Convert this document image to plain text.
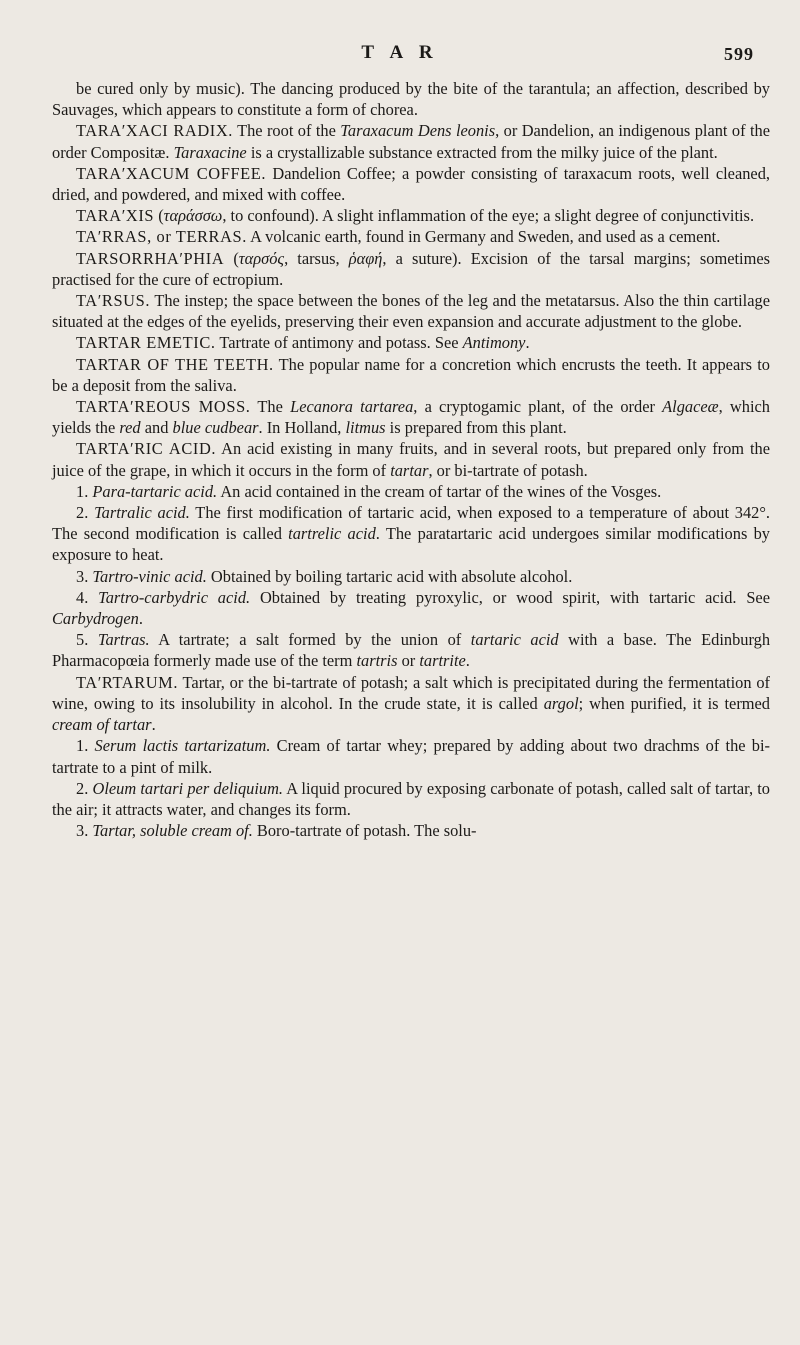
T A R	599

be cured only by music). The dancing produced by the bite of the tarantula; an affection, described by Sauvages, which appears to constitute a form of chorea.

TARA′XACI RADIX. The root of the Taraxacum Dens leonis, or Dandelion, an indigenous plant of the order Compositæ. Taraxacine is a crystallizable substance extracted from the milky juice of the plant.

TARA′XACUM COFFEE. Dandelion Coffee; a powder consisting of taraxacum roots, well cleaned, dried, and powdered, and mixed with coffee.

TARA′XIS (ταράσσω, to confound). A slight inflammation of the eye; a slight degree of conjunctivitis.

TA′RRAS, or TERRAS. A volcanic earth, found in Germany and Sweden, and used as a cement.

TARSORRHA′PHIA (ταρσός, tarsus, ῥαφή, a suture). Excision of the tarsal margins; sometimes practised for the cure of ectropium.

TA′RSUS. The instep; the space between the bones of the leg and the metatarsus. Also the thin cartilage situated at the edges of the eyelids, preserving their even expansion and accurate adjustment to the globe.

TARTAR EMETIC. Tartrate of antimony and potass. See Antimony.

TARTAR OF THE TEETH. The popular name for a concretion which encrusts the teeth. It appears to be a deposit from the saliva.

TARTA′REOUS MOSS. The Lecanora tartarea, a cryptogamic plant, of the order Algaceæ, which yields the red and blue cudbear. In Holland, litmus is prepared from this plant.

TARTA′RIC ACID. An acid existing in many fruits, and in several roots, but prepared only from the juice of the grape, in which it occurs in the form of tartar, or bi-tartrate of potash.

1. Para-tartaric acid. An acid contained in the cream of tartar of the wines of the Vosges.

2. Tartralic acid. The first modification of tartaric acid, when exposed to a temperature of about 342°. The second modification is called tartrelic acid. The paratartaric acid undergoes similar modifications by exposure to heat.

3. Tartro-vinic acid. Obtained by boiling tartaric acid with absolute alcohol.

4. Tartro-carbydric acid. Obtained by treating pyroxylic, or wood spirit, with tartaric acid. See Carbydrogen.

5. Tartras. A tartrate; a salt formed by the union of tartaric acid with a base. The Edinburgh Pharmacopœia formerly made use of the term tartris or tartrite.

TA′RTARUM. Tartar, or the bi-tartrate of potash; a salt which is precipitated during the fermentation of wine, owing to its insolubility in alcohol. In the crude state, it is called argol; when purified, it is termed cream of tartar.

1. Serum lactis tartarizatum. Cream of tartar whey; prepared by adding about two drachms of the bi-tartrate to a pint of milk.

2. Oleum tartari per deliquium. A liquid procured by exposing carbonate of potash, called salt of tartar, to the air; it attracts water, and changes its form.

3. Tartar, soluble cream of. Boro-tartrate of potash. The solu-
